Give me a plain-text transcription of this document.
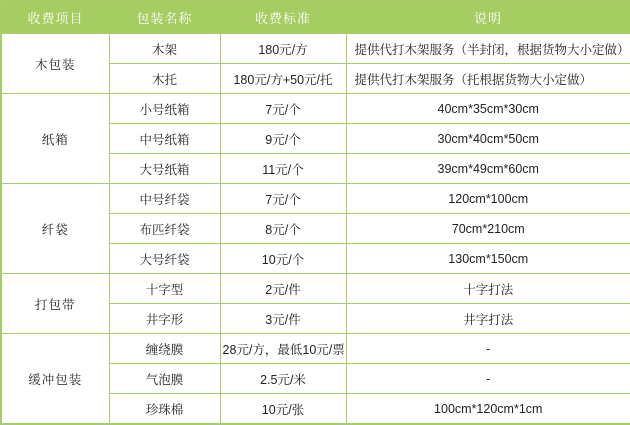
收费项目	包装名称	收费标准	说明
木包装	木架	180元/方	提供代打木架服务（半封闭，根据货物大小定做）
	木托	180元/方+50元/托	提供代打木架服务（托根据货物大小定做）
纸箱	小号纸箱	7元/个	40cm*35cm*30cm
	中号纸箱	9元/个	30cm*40cm*50cm
	大号纸箱	11元/个	39cm*49cm*60cm
纤袋	中号纤袋	7元/个	120cm*100cm
	布匹纤袋	8元/个	70cm*210cm
	大号纤袋	10元/个	130cm*150cm
打包带	十字型	2元/件	十字打法
	井字形	3元/件	井字打法
缓冲包装	缠绕膜	28元/方，最低10元/票	-
	气泡膜	2.5元/米	-
	珍珠棉	10元/张	100cm*120cm*1cm
